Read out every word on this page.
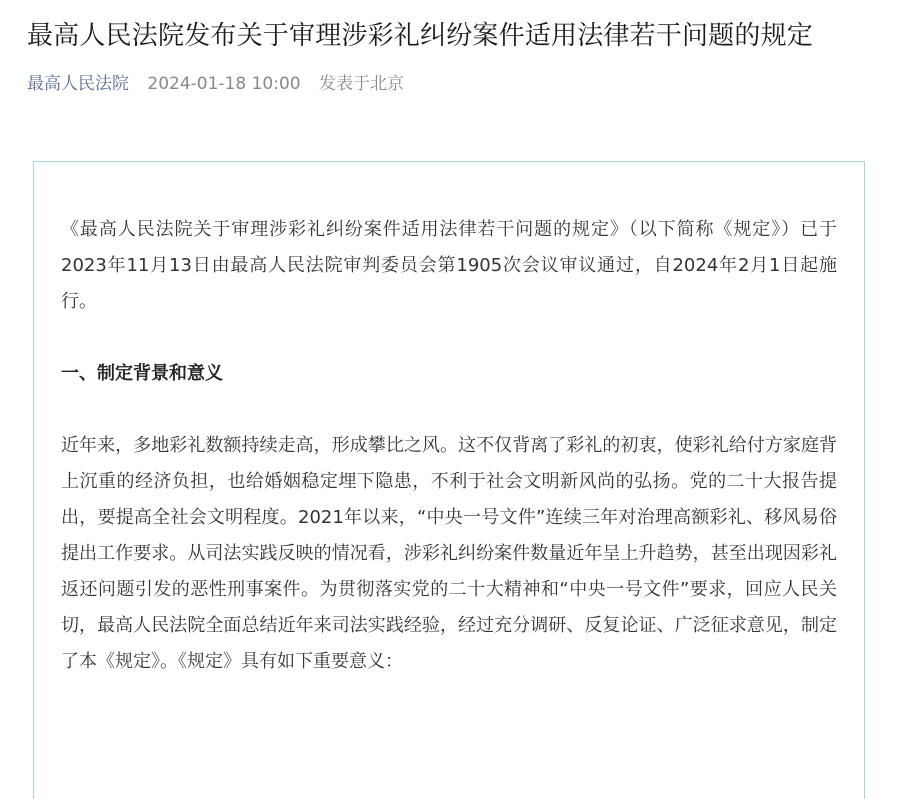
最高人民法院发布关于审理涉彩礼纠纷案件适用法律若干问题的规定
最高人民法院 2024-01-18 10:00 发表于北京

《最高人民法院关于审理涉彩礼纠纷案件适用法律若干问题的规定》（以下简称《规定》）已于2023年11月13日由最高人民法院审判委员会第1905次会议审议通过，自2024年2月1日起施行。

一、制定背景和意义

近年来，多地彩礼数额持续走高，形成攀比之风。这不仅背离了彩礼的初衷，使彩礼给付方家庭背上沉重的经济负担，也给婚姻稳定埋下隐患，不利于社会文明新风尚的弘扬。党的二十大报告提出，要提高全社会文明程度。2021年以来，“中央一号文件”连续三年对治理高额彩礼、移风易俗提出工作要求。从司法实践反映的情况看，涉彩礼纠纷案件数量近年呈上升趋势，甚至出现因彩礼返还问题引发的恶性刑事案件。为贯彻落实党的二十大精神和“中央一号文件”要求，回应人民关切，最高人民法院全面总结近年来司法实践经验，经过充分调研、反复论证、广泛征求意见，制定了本《规定》。《规定》具有如下重要意义：
